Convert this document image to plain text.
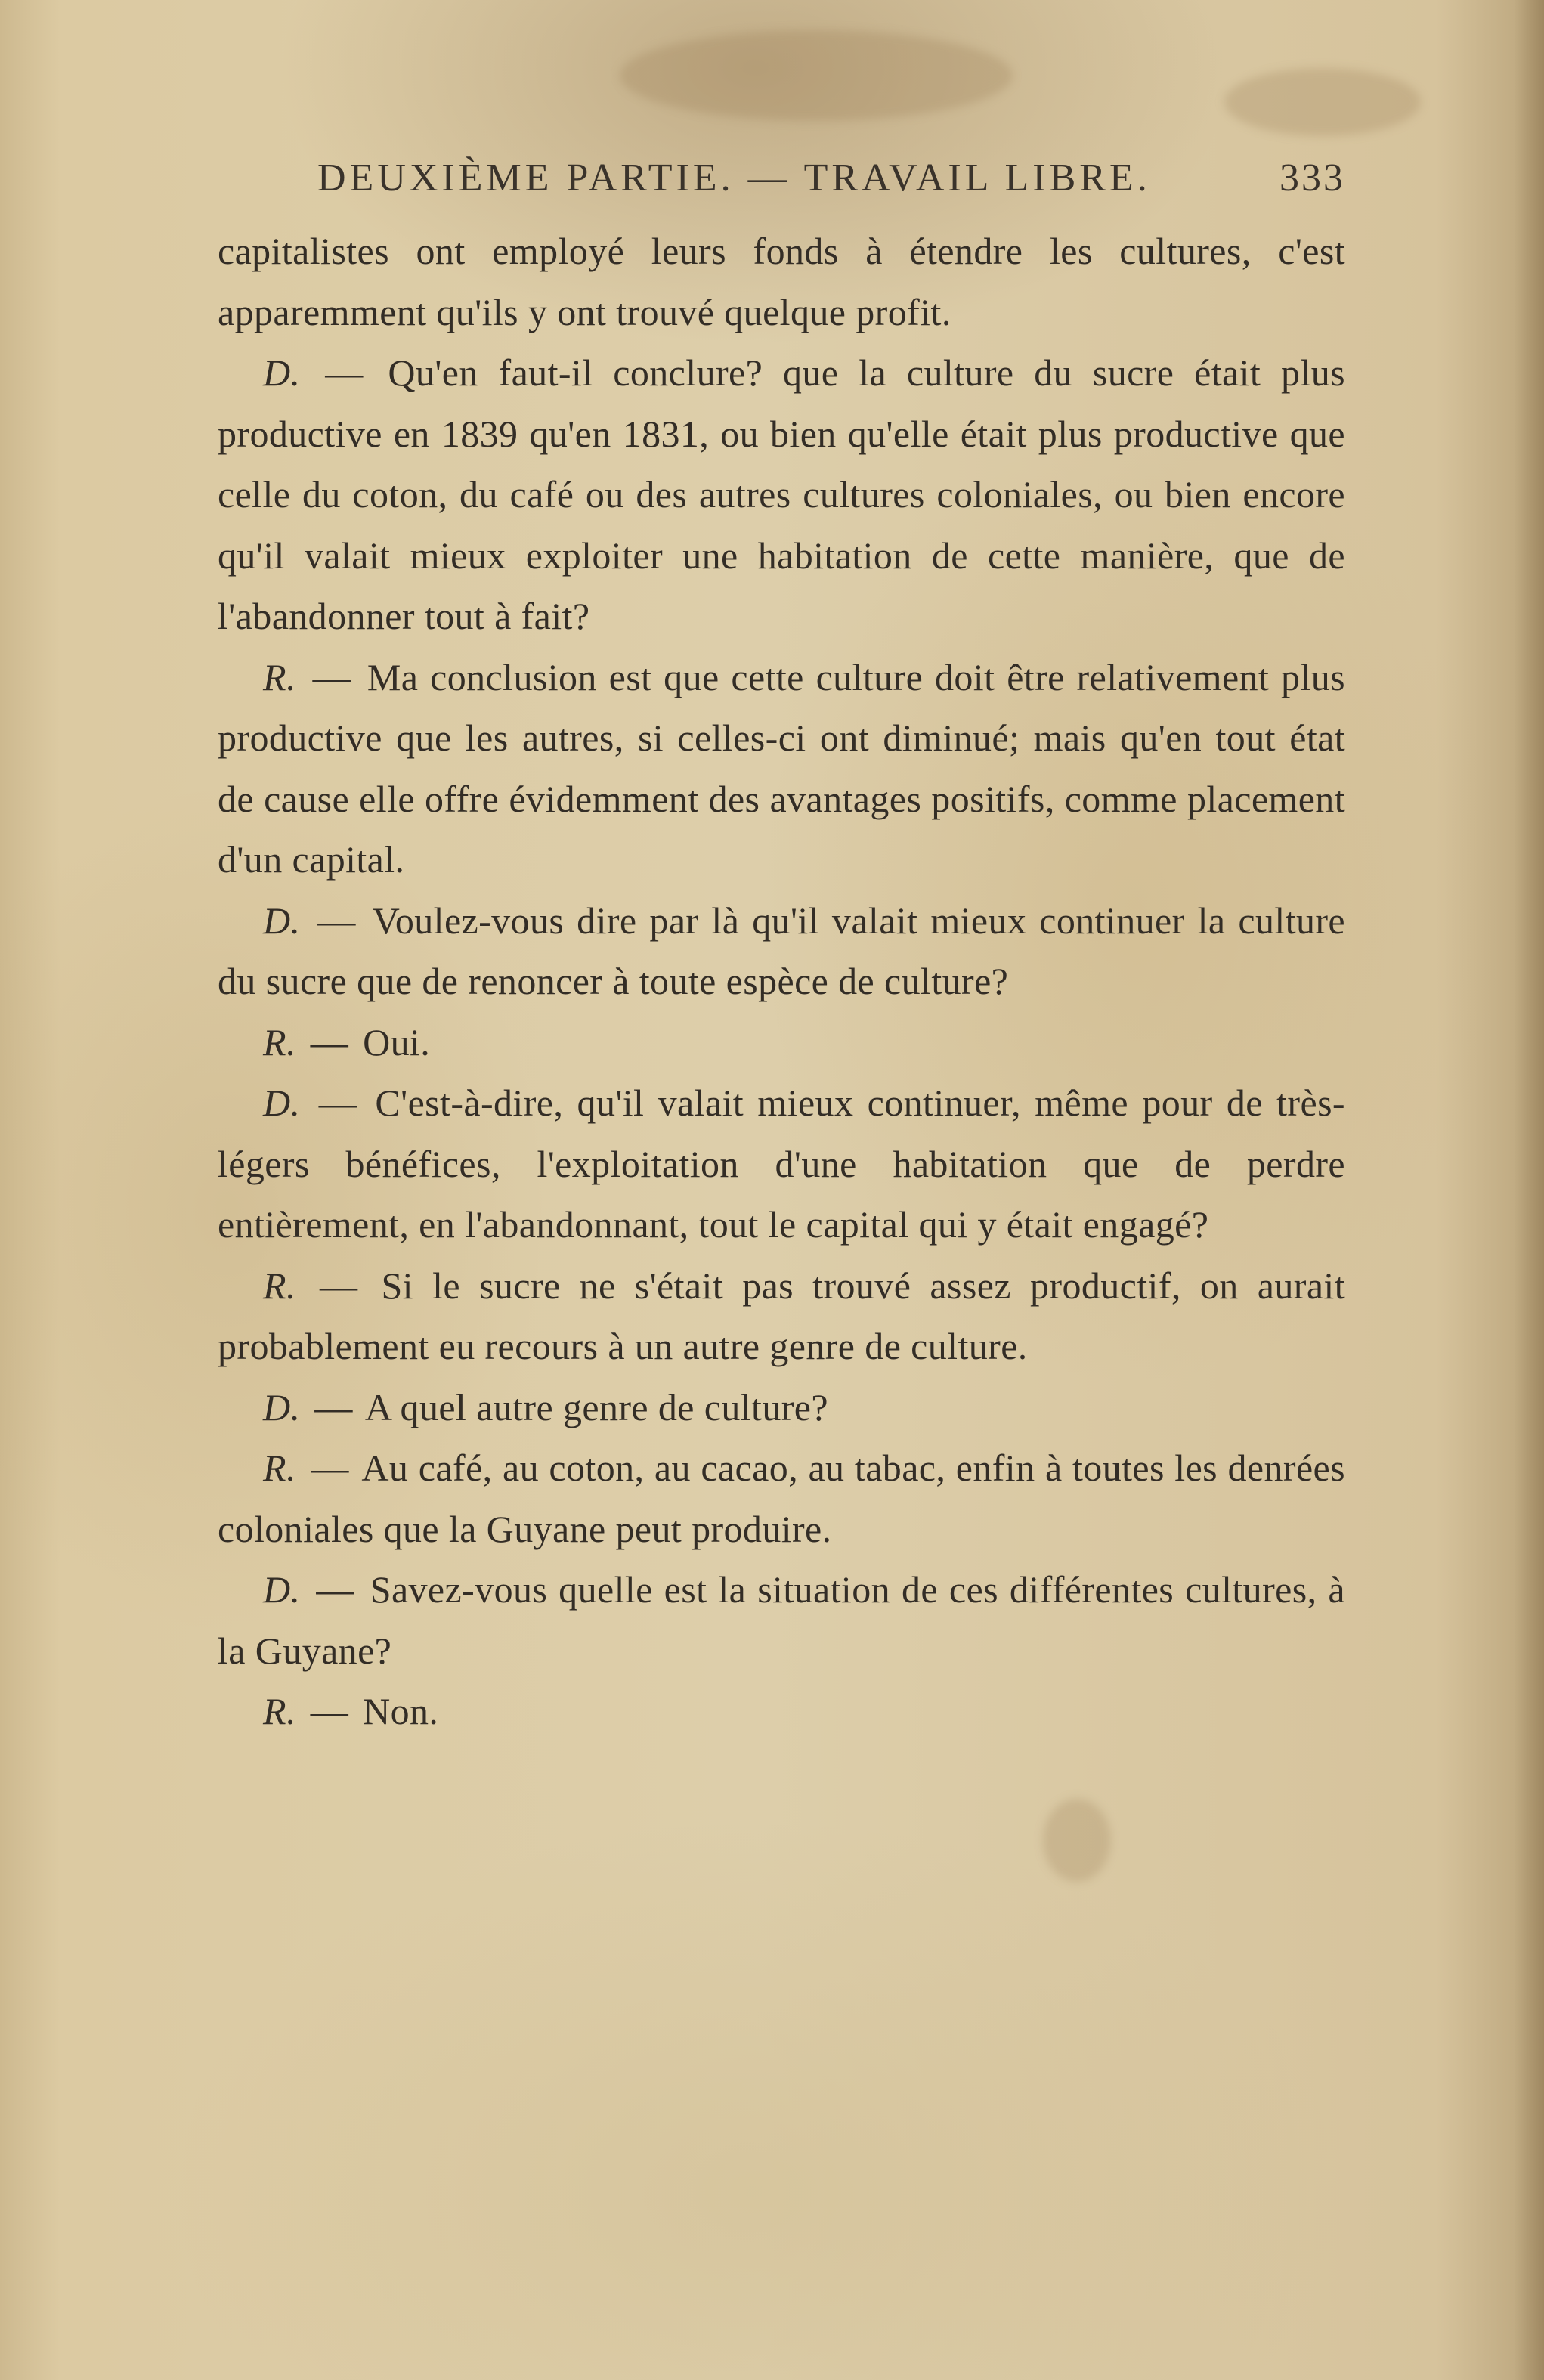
DEUXIÈME PARTIE. — TRAVAIL LIBRE.	333

capitalistes ont employé leurs fonds à étendre les cultures, c'est apparemment qu'ils y ont trouvé quelque profit.

D. — Qu'en faut-il conclure? que la culture du sucre était plus productive en 1839 qu'en 1831, ou bien qu'elle était plus productive que celle du coton, du café ou des autres cultures coloniales, ou bien encore qu'il valait mieux exploiter une habitation de cette manière, que de l'abandonner tout à fait?

R. — Ma conclusion est que cette culture doit être relativement plus productive que les autres, si celles-ci ont diminué; mais qu'en tout état de cause elle offre évidemment des avantages positifs, comme placement d'un capital.

D. — Voulez-vous dire par là qu'il valait mieux continuer la culture du sucre que de renoncer à toute espèce de culture?

R. — Oui.

D. — C'est-à-dire, qu'il valait mieux continuer, même pour de très-légers bénéfices, l'exploitation d'une habitation que de perdre entièrement, en l'abandonnant, tout le capital qui y était engagé?

R. — Si le sucre ne s'était pas trouvé assez productif, on aurait probablement eu recours à un autre genre de culture.

D. — A quel autre genre de culture?

R. — Au café, au coton, au cacao, au tabac, enfin à toutes les denrées coloniales que la Guyane peut produire.

D. — Savez-vous quelle est la situation de ces différentes cultures, à la Guyane?

R. — Non.
